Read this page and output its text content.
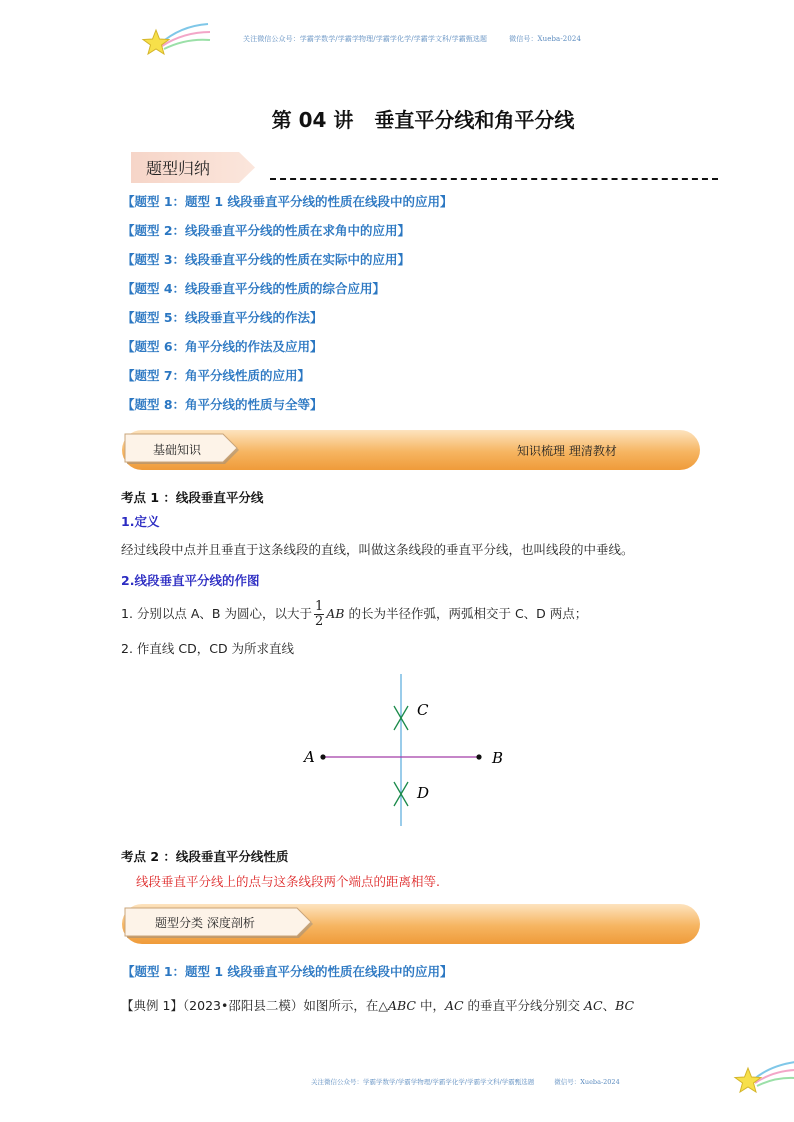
关注微信公众号：学霸学数学/学霸学物理/学霸学化学/学霸学文科/学霸甄选题	微信号：Xueba-2024
第 04 讲   垂直平分线和角平分线
题型归纳
【题型 1：题型 1 线段垂直平分线的性质在线段中的应用】
【题型 2：线段垂直平分线的性质在求角中的应用】
【题型 3：线段垂直平分线的性质在实际中的应用】
【题型 4：线段垂直平分线的性质的综合应用】
【题型 5：线段垂直平分线的作法】
【题型 6：角平分线的作法及应用】
【题型 7：角平分线性质的应用】
【题型 8：角平分线的性质与全等】
基础知识	知识梳理 理清教材
考点 1 ：线段垂直平分线
1.定义
经过线段中点并且垂直于这条线段的直线，叫做这条线段的垂直平分线，也叫线段的中垂线。
2.线段垂直平分线的作图
1. 分别以点 A、B 为圆心，以大于 $\frac{1}{2}$ AB 的长为半径作弧，两弧相交于 C、D 两点；
2. 作直线 CD，CD 为所求直线
A	B
C
D
考点 2 ：线段垂直平分线性质
线段垂直平分线上的点与这条线段两个端点的距离相等.
题型分类 深度剖析
【题型 1：题型 1 线段垂直平分线的性质在线段中的应用】
【典例 1】（2023•邵阳县二模）如图所示，在△ABC 中，AC 的垂直平分线分别交 AC、BC
关注微信公众号：学霸学数学/学霸学物理/学霸学化学/学霸学文科/学霸甄选题	微信号：Xueba-2024
